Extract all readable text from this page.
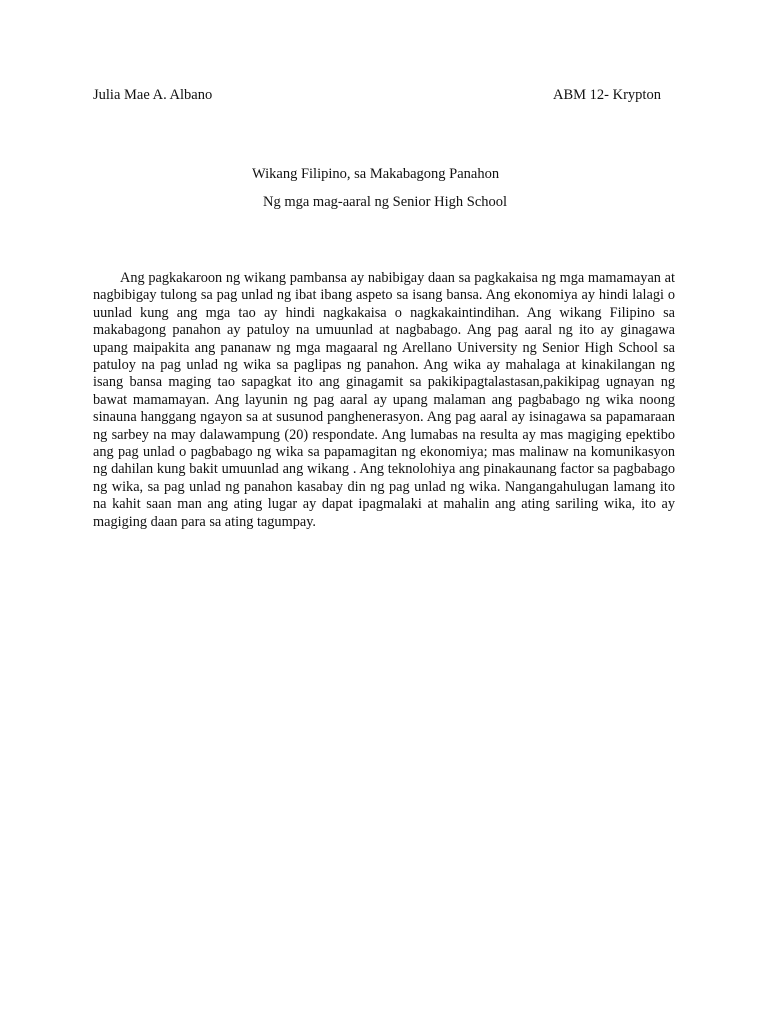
Julia Mae A. Albano	ABM 12- Krypton
Wikang Filipino, sa Makabagong Panahon
Ng mga mag-aaral ng Senior High School

Ang pagkakaroon ng wikang pambansa ay nabibigay daan sa pagkakaisa ng mga mamamayan at nagbibigay tulong sa pag unlad ng ibat ibang aspeto sa isang bansa. Ang ekonomiya ay hindi lalagi o uunlad kung ang mga tao ay hindi nagkakaisa o nagkakaintindihan. Ang wikang Filipino sa makabagong panahon ay patuloy na umuunlad at nagbabago. Ang pag aaral ng ito ay ginagawa upang maipakita ang pananaw ng mga magaaral ng Arellano University ng Senior High School sa patuloy na pag unlad ng wika sa paglipas ng panahon. Ang wika ay mahalaga at kinakilangan ng isang bansa maging tao sapagkat ito ang ginagamit sa pakikipagtalastasan,pakikipag ugnayan ng bawat mamamayan. Ang layunin ng pag aaral ay upang malaman ang pagbabago ng wika noong sinauna hanggang ngayon sa at susunod panghenerasyon. Ang pag aaral ay isinagawa sa papamaraan ng sarbey na may dalawampung (20) respondate. Ang lumabas na resulta ay mas magiging epektibo ang pag unlad o pagbabago ng wika sa papamagitan ng ekonomiya; mas malinaw na komunikasyon ng dahilan kung bakit umuunlad ang wikang . Ang teknolohiya ang pinakaunang factor sa pagbabago ng wika, sa pag unlad ng panahon kasabay din ng pag unlad ng wika. Nangangahulugan lamang ito na kahit saan man ang ating lugar ay dapat ipagmalaki at mahalin ang ating sariling wika, ito ay magiging daan para sa ating tagumpay.
